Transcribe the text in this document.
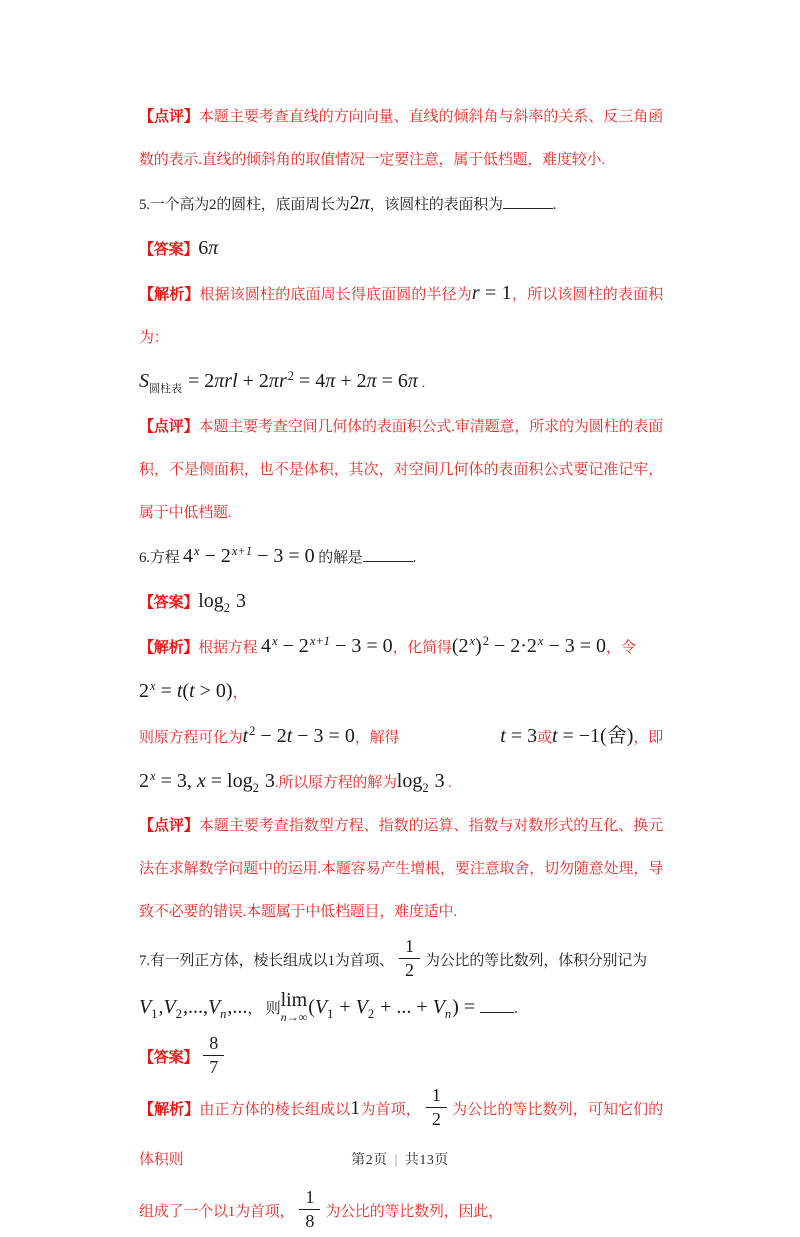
【点评】本题主要考查直线的方向向量、直线的倾斜角与斜率的关系、反三角函数的表示.直线的倾斜角的取值情况一定要注意，属于低档题，难度较小.
5.一个高为2的圆柱，底面周长为2π，该圆柱的表面积为	.
【答案】6π
【解析】根据该圆柱的底面周长得底面圆的半径为r = 1，所以该圆柱的表面积为：
$S_{圆柱表} = 2\pi rl + 2\pi r^2 = 4\pi + 2\pi = 6\pi$ .
【点评】本题主要考查空间几何体的表面积公式.审清题意，所求的为圆柱的表面积，不是侧面积，也不是体积，其次，对空间几何体的表面积公式要记准记牢，属于中低档题.
6.方程 $4^x - 2^{x+1} - 3 = 0$ 的解是	.
【答案】$\log_2 3$
【解析】根据方程 $4^x - 2^{x+1} - 3 = 0$，化简得$(2^x)^2 - 2\cdot 2^x - 3 = 0$，令
$2^x = t(t > 0)$，
则原方程可化为 $t^2 - 2t - 3 = 0$ ，解得	t = 3 或 t = −1(舍) ，即
$2^x = 3$, $x = \log_2 3$.所以原方程的解为$\log_2 3$ .
【点评】本题主要考查指数型方程、指数的运算、指数与对数形式的互化、换元法在求解数学问题中的运用.本题容易产生增根，要注意取舍，切勿随意处理，导致不必要的错误.本题属于中低档题目，难度适中.
7.有一列正方体，棱长组成以1为首项、 $\frac{1}{2}$ 为公比的等比数列，体积分别记为
$V_1,V_2,...,V_n$,...， 则 lim
n→∞ ($V_1 + V_2$ + ... + $V_n$) = .
【答案】 $\frac{8}{7}$
【解析】由正方体的棱长组成以1为首项， $\frac{1}{2}$ 为公比的等比数列，可知它们的体积则
组成了一个以1为首项， $\frac{1}{8}$ 为公比的等比数列，因此，
第2页 | 共13页
